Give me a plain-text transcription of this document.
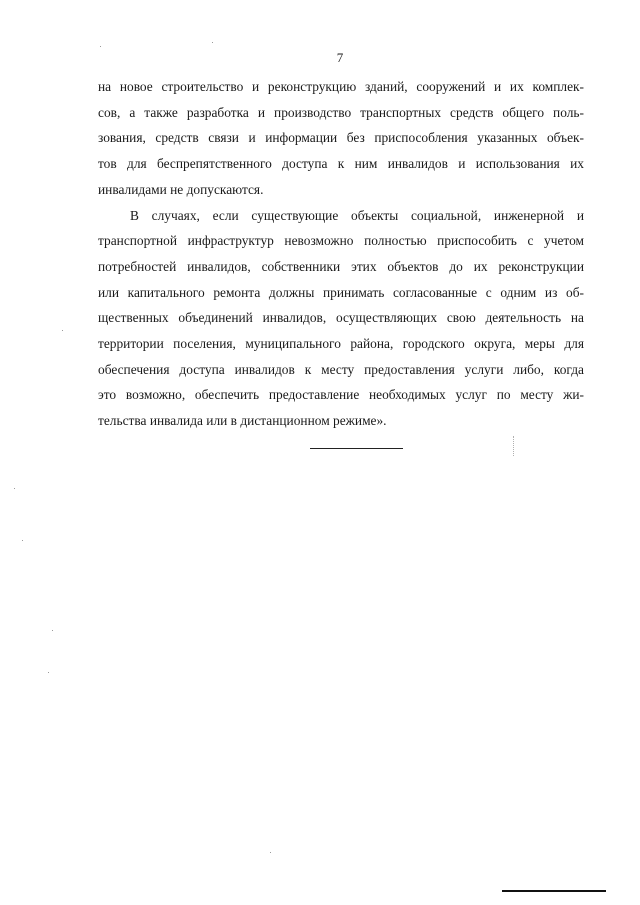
7

на новое строительство и реконструкцию зданий, сооружений и их комплек-
сов, а также разработка и производство транспортных средств общего поль-
зования, средств связи и информации без приспособления указанных объек-
тов для беспрепятственного доступа к ним инвалидов и использования их
инвалидами не допускаются.

В случаях, если существующие объекты социальной, инженерной и
транспортной инфраструктур невозможно полностью приспособить с учетом
потребностей инвалидов, собственники этих объектов до их реконструкции
или капитального ремонта должны принимать согласованные с одним из об-
щественных объединений инвалидов, осуществляющих свою деятельность на
территории поселения, муниципального района, городского округа, меры для
обеспечения доступа инвалидов к месту предоставления услуги либо, когда
это возможно, обеспечить предоставление необходимых услуг по месту жи-
тельства инвалида или в дистанционном режиме».
